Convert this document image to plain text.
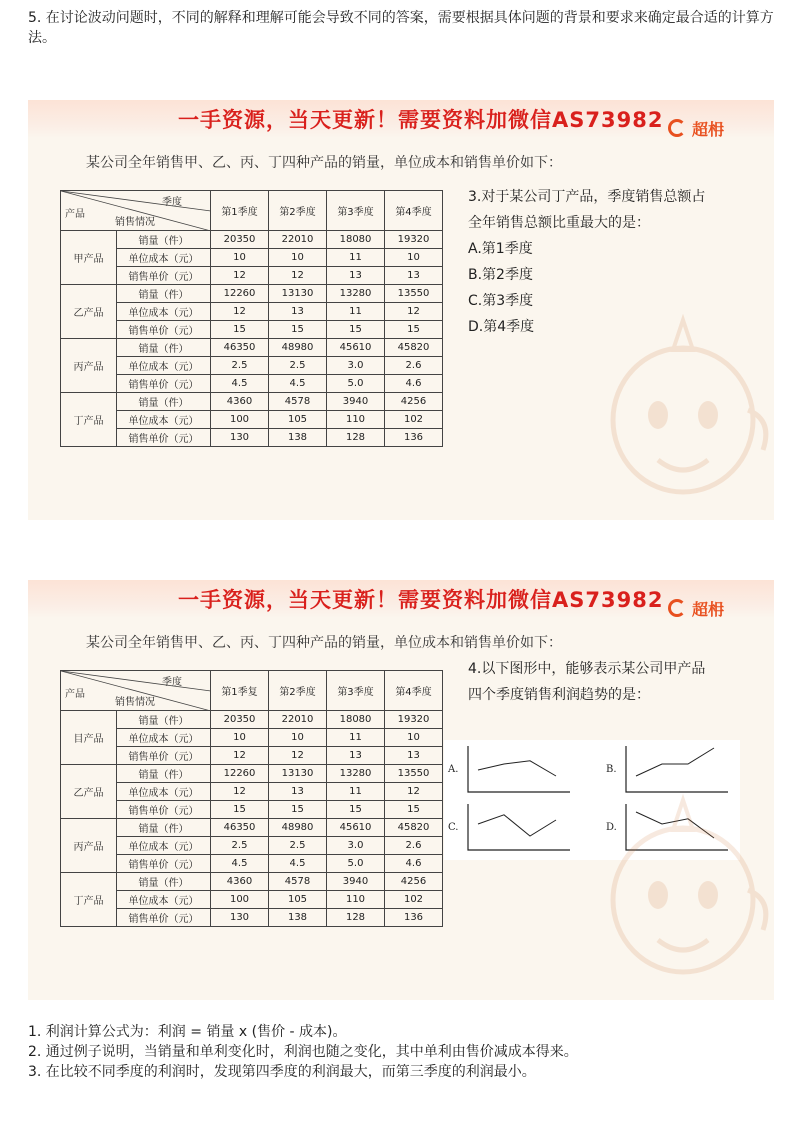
5. 在讨论波动问题时，不同的解释和理解可能会导致不同的答案，需要根据具体问题的背景和要求来确定最合适的计算方法。
一手资源，当天更新！需要资料加微信AS73982 超枏
某公司全年销售甲、乙、丙、丁四种产品的销量，单位成本和销售单价如下：
季度
产品
销售情况		第1季度	第2季度	第3季度	第4季度
甲产品	销量（件）	20350	22010	18080	19320
	单位成本（元）	10	10	11	10
	销售单价（元）	12	12	13	13
乙产品	销量（件）	12260	13130	13280	13550
	单位成本（元）	12	13	11	12
	销售单价（元）	15	15	15	15
丙产品	销量（件）	46350	48980	45610	45820
	单位成本（元）	2.5	2.5	3.0	2.6
	销售单价（元）	4.5	4.5	5.0	4.6
丁产品	销量（件）	4360	4578	3940	4256
	单位成本（元）	100	105	110	102
	销售单价（元）	130	138	128	136
3.对于某公司丁产品，季度销售总额占
全年销售总额比重最大的是：
A.第1季度
B.第2季度
C.第3季度
D.第4季度
一手资源，当天更新！需要资料加微信AS73982 超枏
某公司全年销售甲、乙、丙、丁四种产品的销量，单位成本和销售单价如下：
季度
产品
销售情况		第1季复	第2季度	第3季度	第4季度
目产品	销量（件）	20350	22010	18080	19320
	单位成本（元）	10	10	11	10
	销售单价（元）	12	12	13	13
乙产品	销量（件）	12260	13130	13280	13550
	单位成本（元）	12	13	11	12
	销售单价（元）	15	15	15	15
丙产品	销量（件）	46350	48980	45610	45820
	单位成本（元）	2.5	2.5	3.0	2.6
	销售单价（元）	4.5	4.5	5.0	4.6
丁产品	销量（件）	4360	4578	3940	4256
	单位成本（元）	100	105	110	102
	销售单价（元）	130	138	128	136
4.以下图形中，能够表示某公司甲产品
四个季度销售利润趋势的是：
A.	B.
C.	D.
1. 利润计算公式为：利润 = 销量 x (售价 - 成本)。
2. 通过例子说明，当销量和单利变化时，利润也随之变化，其中单利由售价减成本得来。
3. 在比较不同季度的利润时，发现第四季度的利润最大，而第三季度的利润最小。
